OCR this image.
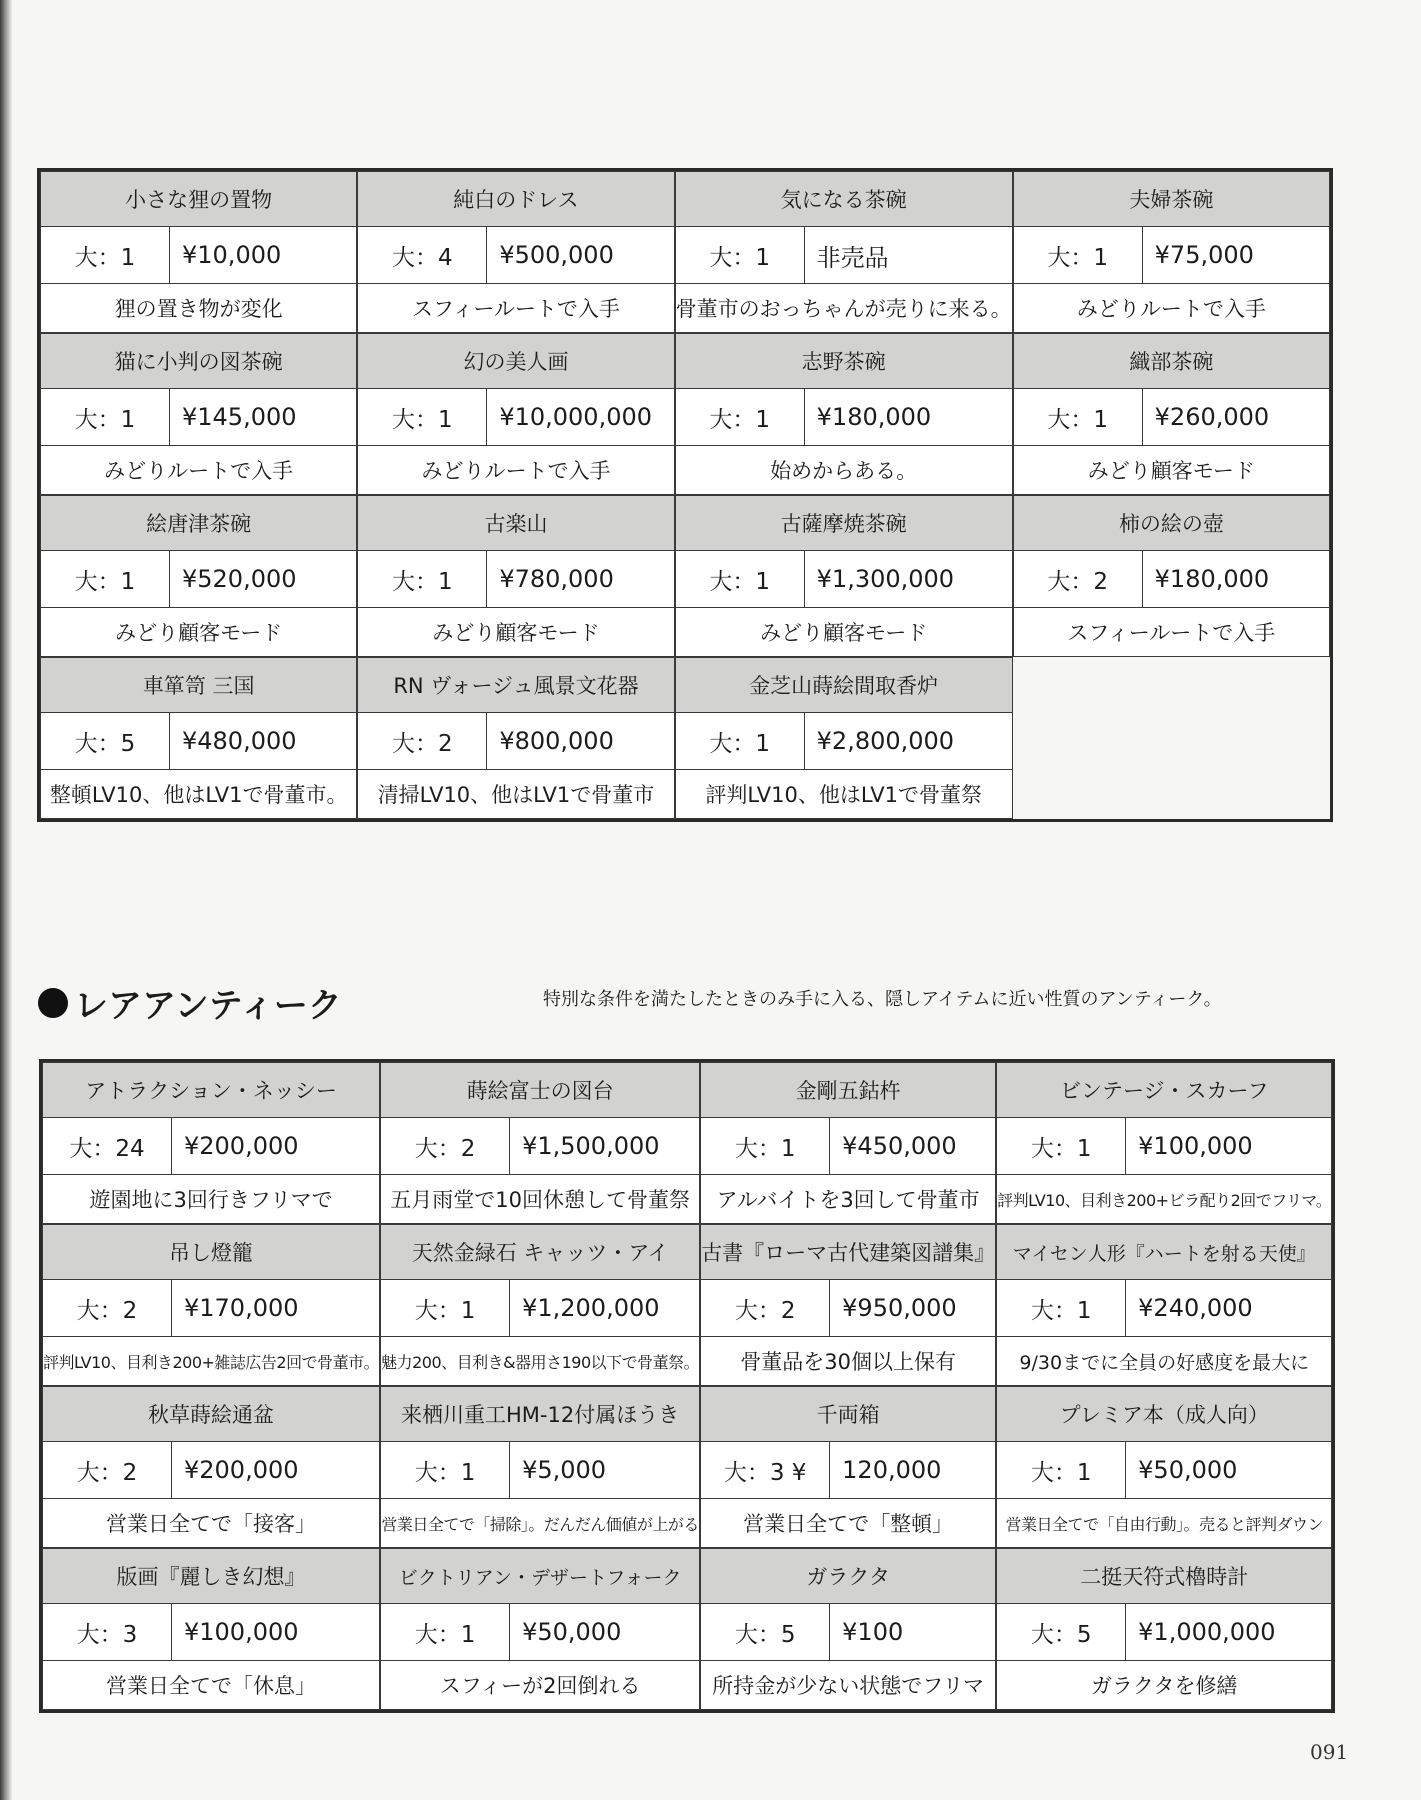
小さな狸の置物
大：1	¥10,000
狸の置き物が変化
純白のドレス
大：4	¥500,000
スフィールートで入手
気になる茶碗
大：1	非売品
骨董市のおっちゃんが売りに来る。
夫婦茶碗
大：1	¥75,000
みどりルートで入手
猫に小判の図茶碗
大：1	¥145,000
みどりルートで入手
幻の美人画
大：1	¥10,000,000
みどりルートで入手
志野茶碗
大：1	¥180,000
始めからある。
織部茶碗
大：1	¥260,000
みどり顧客モード
絵唐津茶碗
大：1	¥520,000
みどり顧客モード
古楽山
大：1	¥780,000
みどり顧客モード
古薩摩焼茶碗
大：1	¥1,300,000
みどり顧客モード
柿の絵の壺
大：2	¥180,000
スフィールートで入手
車箪笥 三国
大：5	¥480,000
整頓LV10、他はLV1で骨董市。
RN ヴォージュ風景文花器
大：2	¥800,000
清掃LV10、他はLV1で骨董市
金芝山蒔絵間取香炉
大：1	¥2,800,000
評判LV10、他はLV1で骨董祭
レアアンティーク	特別な条件を満たしたときのみ手に入る、隠しアイテムに近い性質のアンティーク。
アトラクション・ネッシー
大：24	¥200,000
遊園地に3回行きフリマで
蒔絵富士の図台
大：2	¥1,500,000
五月雨堂で10回休憩して骨董祭
金剛五鈷杵
大：1	¥450,000
アルバイトを3回して骨董市
ビンテージ・スカーフ
大：1	¥100,000
評判LV10、目利き200+ビラ配り2回でフリマ。
吊し燈籠
大：2	¥170,000
評判LV10、目利き200+雑誌広告2回で骨董市。
天然金緑石 キャッツ・アイ
大：1	¥1,200,000
魅力200、目利き&器用さ190以下で骨董祭。
古書『ローマ古代建築図譜集』
大：2	¥950,000
骨董品を30個以上保有
マイセン人形『ハートを射る天使』
大：1	¥240,000
9/30までに全員の好感度を最大に
秋草蒔絵通盆
大：2	¥200,000
営業日全てで「接客」
来栖川重工HM-12付属ほうき
大：1	¥5,000
営業日全てで「掃除」。だんだん価値が上がる
千両箱
大：3 ¥	120,000
営業日全てで「整頓」
プレミア本（成人向）
大：1	¥50,000
営業日全てで「自由行動」。売ると評判ダウン
版画『麗しき幻想』
大：3	¥100,000
営業日全てで「休息」
ビクトリアン・デザートフォーク
大：1	¥50,000
スフィーが2回倒れる
ガラクタ
大：5	¥100
所持金が少ない状態でフリマ
二挺天符式櫓時計
大：5	¥1,000,000
ガラクタを修繕
091
